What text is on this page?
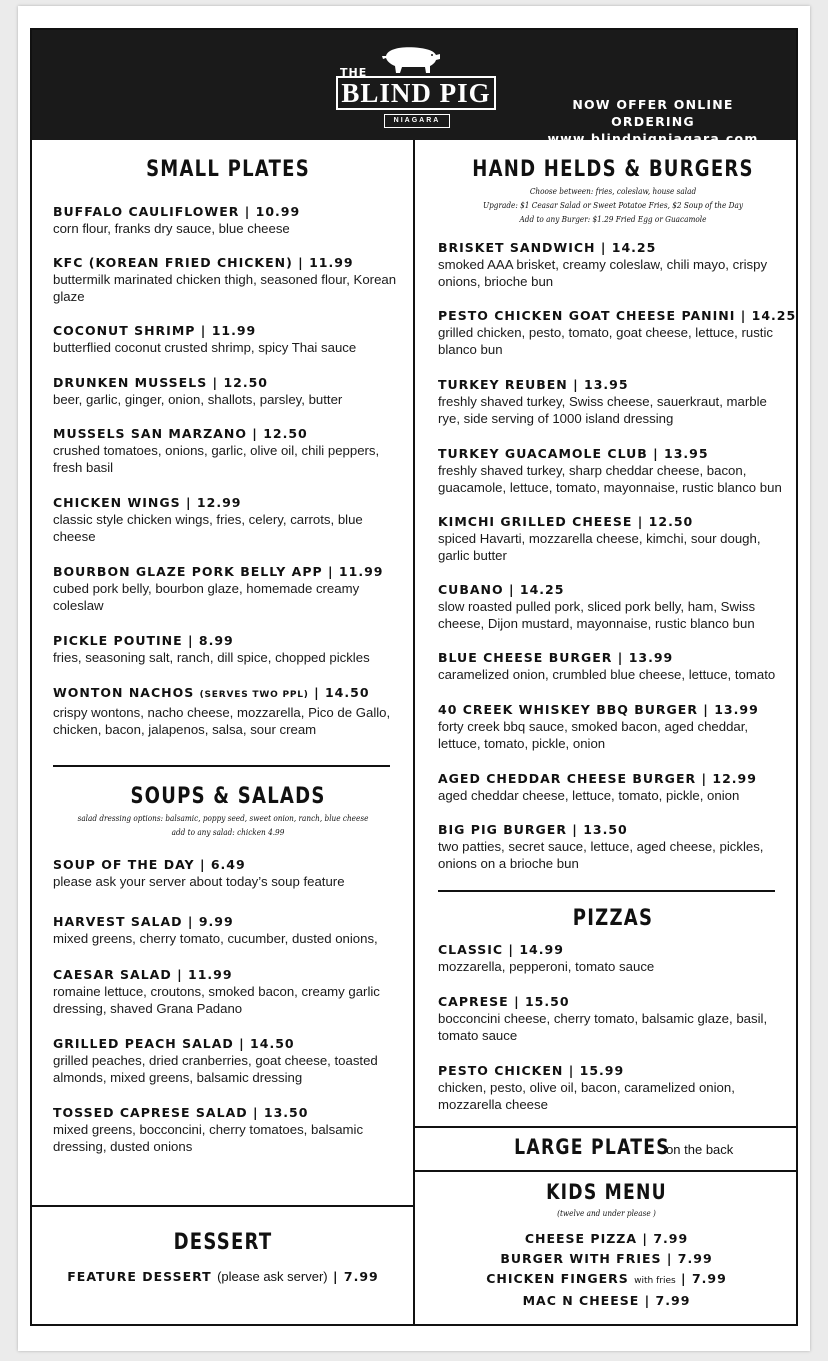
THE
BLIND PIG
NIAGARA
NOW OFFER ONLINE ORDERING
www.blindpigniagara.com
SMALL PLATES
BUFFALO CAULIFLOWER | 10.99
corn flour, franks dry sauce, blue cheese
KFC (KOREAN FRIED CHICKEN) | 11.99
buttermilk marinated chicken thigh, seasoned flour, Korean glaze
COCONUT SHRIMP | 11.99
butterflied coconut crusted shrimp, spicy Thai sauce
DRUNKEN MUSSELS | 12.50
beer, garlic, ginger, onion, shallots, parsley, butter
MUSSELS SAN MARZANO | 12.50
crushed tomatoes, onions, garlic, olive oil, chili peppers, fresh basil
CHICKEN WINGS | 12.99
classic style chicken wings, fries, celery, carrots, blue cheese
BOURBON GLAZE PORK BELLY APP | 11.99
cubed pork belly, bourbon glaze, homemade creamy coleslaw
PICKLE POUTINE | 8.99
fries, seasoning salt, ranch, dill spice, chopped pickles
WONTON NACHOS (SERVES TWO PPL) | 14.50
crispy wontons, nacho cheese, mozzarella, Pico de Gallo, chicken, bacon, jalapenos, salsa, sour cream
SOUPS & SALADS
salad dressing options: balsamic, poppy seed, sweet onion, ranch, blue cheese
add to any salad: chicken 4.99
SOUP OF THE DAY | 6.49
please ask your server about today’s soup feature
HARVEST SALAD | 9.99
mixed greens, cherry tomato, cucumber, dusted onions,
CAESAR SALAD | 11.99
romaine lettuce, croutons, smoked bacon, creamy garlic dressing, shaved Grana Padano
GRILLED PEACH SALAD | 14.50
grilled peaches, dried cranberries, goat cheese, toasted almonds, mixed greens, balsamic dressing
TOSSED CAPRESE SALAD | 13.50
mixed greens, bocconcini, cherry tomatoes, balsamic dressing, dusted onions
DESSERT
FEATURE DESSERT (please ask server) | 7.99
HAND HELDS & BURGERS
Choose between: fries, coleslaw, house salad
Upgrade: $1 Ceasar Salad or Sweet Potatoe Fries, $2 Soup of the Day
Add to any Burger: $1.29 Fried Egg or Guacamole
BRISKET SANDWICH | 14.25
smoked AAA brisket, creamy coleslaw, chili mayo, crispy onions, brioche bun
PESTO CHICKEN GOAT CHEESE PANINI | 14.25
grilled chicken, pesto, tomato, goat cheese, lettuce, rustic blanco bun
TURKEY REUBEN | 13.95
freshly shaved turkey, Swiss cheese, sauerkraut, marble rye, side serving of 1000 island dressing
TURKEY GUACAMOLE CLUB | 13.95
freshly shaved turkey, sharp cheddar cheese, bacon, guacamole, lettuce, tomato, mayonnaise, rustic blanco bun
KIMCHI GRILLED CHEESE | 12.50
spiced Havarti, mozzarella cheese, kimchi, sour dough, garlic butter
CUBANO | 14.25
slow roasted pulled pork, sliced pork belly, ham, Swiss cheese, Dijon mustard, mayonnaise, rustic blanco bun
BLUE CHEESE BURGER | 13.99
caramelized onion, crumbled blue cheese, lettuce, tomato
40 CREEK WHISKEY BBQ BURGER | 13.99
forty creek bbq sauce, smoked bacon, aged cheddar, lettuce, tomato, pickle, onion
AGED CHEDDAR CHEESE BURGER | 12.99
aged cheddar cheese, lettuce, tomato, pickle, onion
BIG PIG BURGER | 13.50
two patties, secret sauce, lettuce, aged cheese, pickles, onions on a brioche bun
PIZZAS
CLASSIC | 14.99
mozzarella, pepperoni, tomato sauce
CAPRESE | 15.50
bocconcini cheese, cherry tomato, balsamic glaze, basil, tomato sauce
PESTO CHICKEN | 15.99
chicken, pesto, olive oil, bacon, caramelized onion, mozzarella cheese
LARGE PLATES on the back
KIDS MENU
(twelve and under please )
CHEESE PIZZA | 7.99
BURGER WITH FRIES | 7.99
CHICKEN FINGERS with fries | 7.99
MAC N CHEESE | 7.99
